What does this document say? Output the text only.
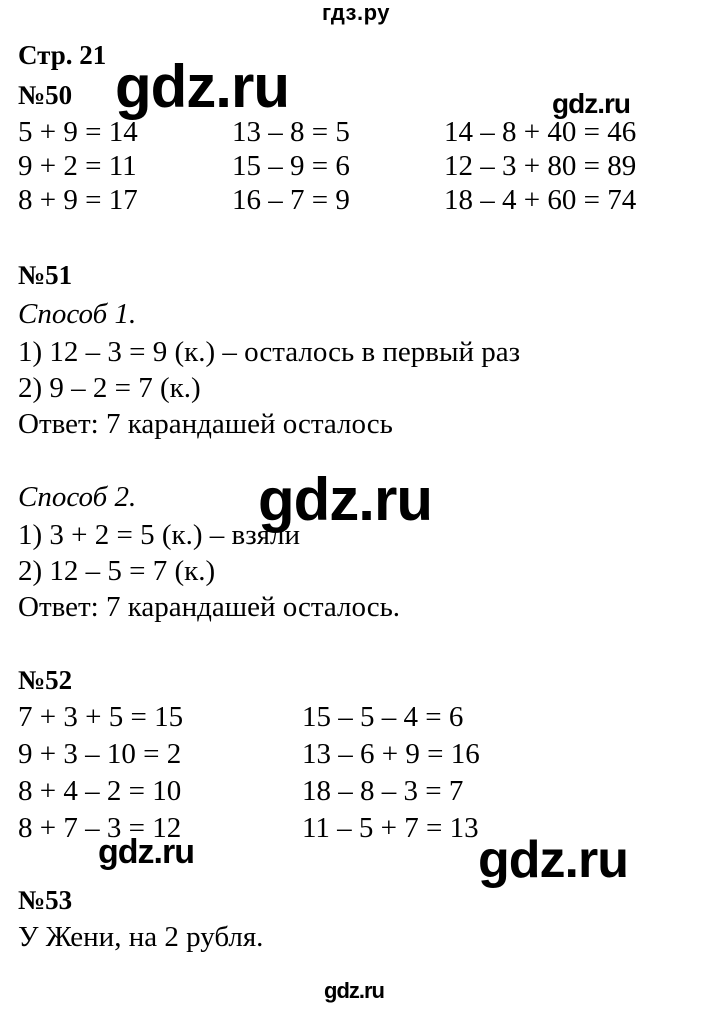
гдз.ру
Стр. 21
№50 gdz.ru	gdz.ru
5 + 9 = 14
9 + 2 = 11
8 + 9 = 17
13 – 8 = 5
15 – 9 = 6
16 – 7 = 9
14 – 8 + 40 = 46
12 – 3 + 80 = 89
18 – 4 + 60 = 74
№51
Способ 1.
1) 12 – 3 = 9 (к.) – осталось в первый раз
2) 9 – 2 = 7 (к.)
Ответ: 7 карандашей осталось
Способ 2. gdz.ru
1) 3 + 2 = 5 (к.) – взяли
2) 12 – 5 = 7 (к.)
Ответ: 7 карандашей осталось.
№52
7 + 3 + 5 = 15
9 + 3 – 10 = 2
8 + 4 – 2 = 10
8 + 7 – 3 = 12
15 – 5 – 4 = 6
13 – 6 + 9 = 16
18 – 8 – 3 = 7
11 – 5 + 7 = 13
gdz.ru	gdz.ru
№53
У Жени, на 2 рубля.
gdz.ru
